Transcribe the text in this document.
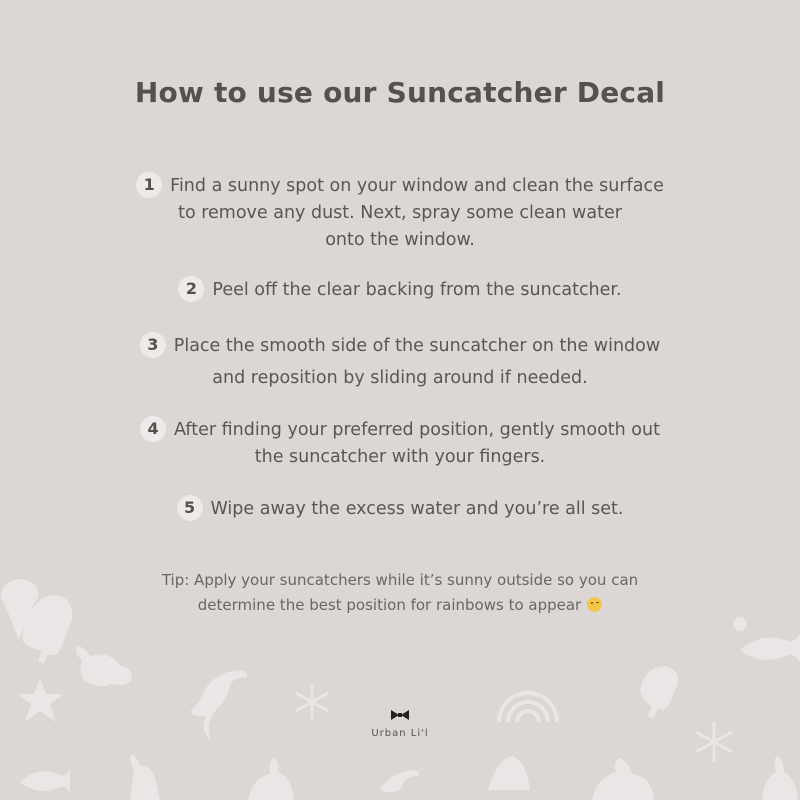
How to use our Suncatcher Decal
1 Find a sunny spot on your window and clean the surface
to remove any dust. Next, spray some clean water
onto the window.
2 Peel off the clear backing from the suncatcher.
3 Place the smooth side of the suncatcher on the window
and reposition by sliding around if needed.
4 After finding your preferred position, gently smooth out
the suncatcher with your fingers.
5 Wipe away the excess water and you’re all set.
Tip: Apply your suncatchers while it’s sunny outside so you can
determine the best position for rainbows to appear
Urban Li'l
